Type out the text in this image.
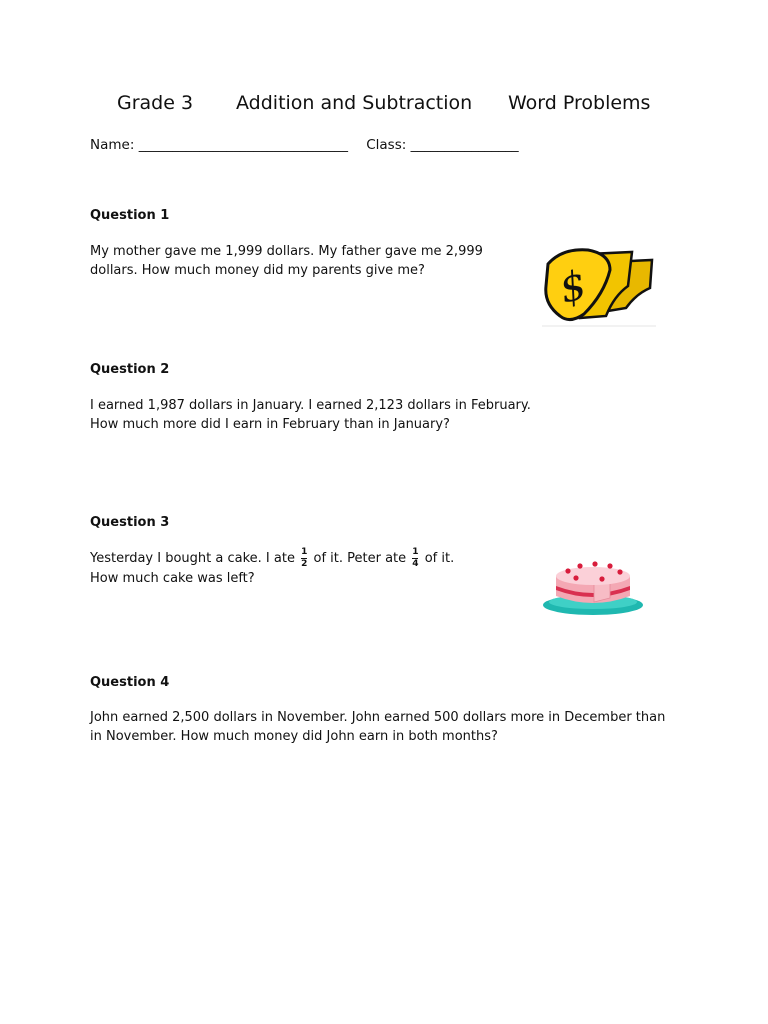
Grade 3 Addition and Subtraction Word Problems
Name: _______________________________ Class: ________________
Question 1
My mother gave me 1,999 dollars. My father gave me 2,999
dollars. How much money did my parents give me?	$
Question 2
I earned 1,987 dollars in January. I earned 2,123 dollars in February.
How much more did I earn in February than in January?
Question 3
Yesterday I bought a cake. I ate $\frac{1}{2}$ of it. Peter ate $\frac{1}{4}$ of it.
How much cake was left?
Question 4
John earned 2,500 dollars in November. John earned 500 dollars more in December than
in November. How much money did John earn in both months?
